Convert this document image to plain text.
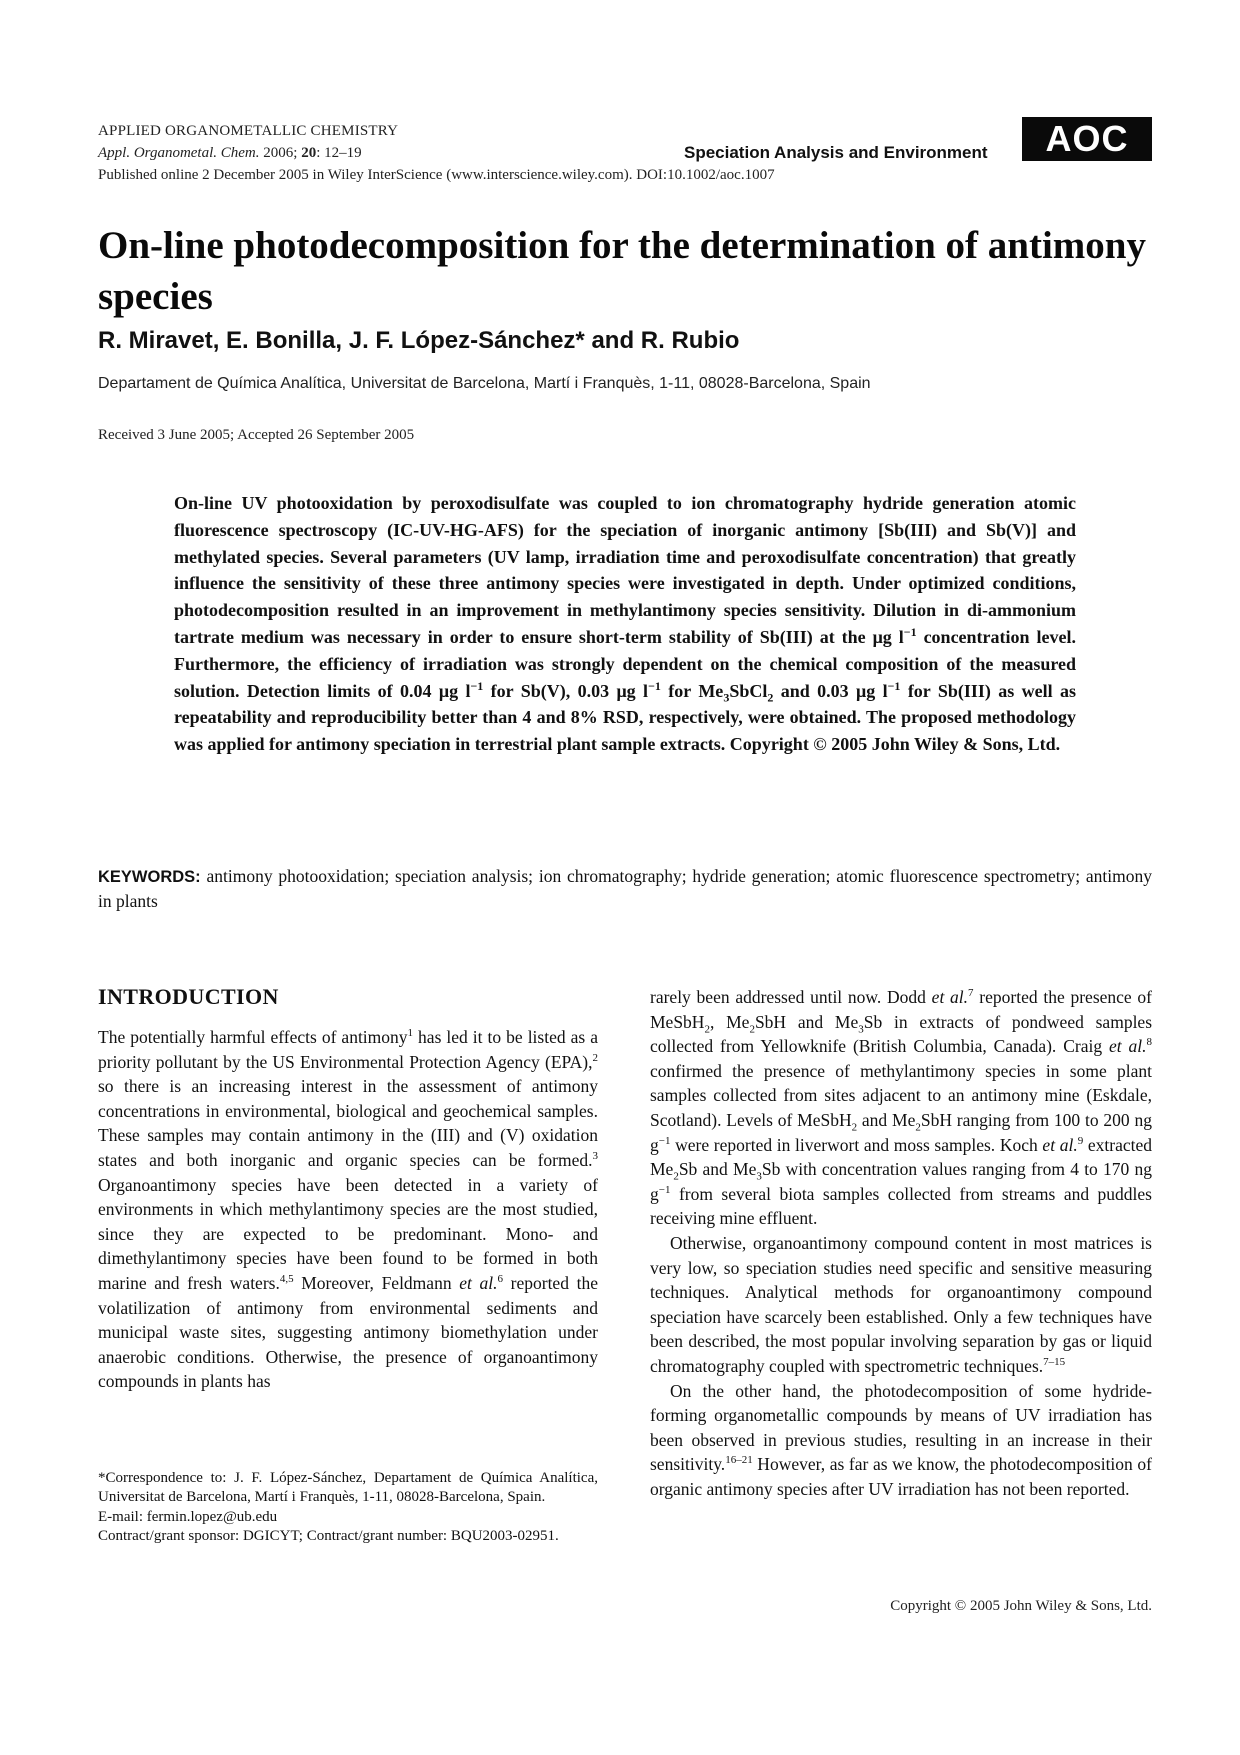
APPLIED ORGANOMETALLIC CHEMISTRY
Appl. Organometal. Chem. 2006; 20: 12–19
Published online 2 December 2005 in Wiley InterScience (www.interscience.wiley.com). DOI:10.1002/aoc.1007
Speciation Analysis and Environment	AOC
On-line photodecomposition for the determination of antimony species
R. Miravet, E. Bonilla, J. F. López-Sánchez* and R. Rubio
Departament de Química Analítica, Universitat de Barcelona, Martí i Franquès, 1-11, 08028-Barcelona, Spain
Received 3 June 2005; Accepted 26 September 2005
On-line UV photooxidation by peroxodisulfate was coupled to ion chromatography hydride generation atomic fluorescence spectroscopy (IC-UV-HG-AFS) for the speciation of inorganic antimony [Sb(III) and Sb(V)] and methylated species. Several parameters (UV lamp, irradiation time and peroxodisulfate concentration) that greatly influence the sensitivity of these three antimony species were investigated in depth. Under optimized conditions, photodecomposition resulted in an improvement in methylantimony species sensitivity. Dilution in di-ammonium tartrate medium was necessary in order to ensure short-term stability of Sb(III) at the μg $l^{-1}$ concentration level. Furthermore, the efficiency of irradiation was strongly dependent on the chemical composition of the measured solution. Detection limits of 0.04 μg $l^{-1}$ for Sb(V), 0.03 μg $l^{-1}$ for $Me_3SbCl_2$ and 0.03 μg $l^{-1}$ for Sb(III) as well as repeatability and reproducibility better than 4 and 8% RSD, respectively, were obtained. The proposed methodology was applied for antimony speciation in terrestrial plant sample extracts. Copyright © 2005 John Wiley & Sons, Ltd.
KEYWORDS: antimony photooxidation; speciation analysis; ion chromatography; hydride generation; atomic fluorescence spectrometry; antimony in plants
INTRODUCTION

The potentially harmful effects of antimony$^1$ has led it to be listed as a priority pollutant by the US Environmental Protection Agency (EPA),$^2$ so there is an increasing interest in the assessment of antimony concentrations in environmental, biological and geochemical samples. These samples may contain antimony in the (III) and (V) oxidation states and both inorganic and organic species can be formed.$^3$ Organoantimony species have been detected in a variety of environments in which methylantimony species are the most studied, since they are expected to be predominant. Mono- and dimethylantimony species have been found to be formed in both marine and fresh waters.$^{4,5}$ Moreover, Feldmann et al.$^6$ reported the volatilization of antimony from environmental sediments and municipal waste sites, suggesting antimony biomethylation under anaerobic conditions. Otherwise, the presence of organoantimony compounds in plants has

*Correspondence to: J. F. López-Sánchez, Departament de Química Analítica, Universitat de Barcelona, Martí i Franquès, 1-11, 08028-Barcelona, Spain.

E-mail: fermin.lopez@ub.edu

Contract/grant sponsor: DGICYT; Contract/grant number: BQU2003-02951.

rarely been addressed until now. Dodd et al.$^7$ reported the presence of MeSbH$_2$, $Me_2SbH$ and $Me_3Sb$ in extracts of pondweed samples collected from Yellowknife (British Columbia, Canada). Craig et al.$^8$ confirmed the presence of methylantimony species in some plant samples collected from sites adjacent to an antimony mine (Eskdale, Scotland). Levels of MeSbH$_2$ and $Me_2SbH$ ranging from 100 to 200 ng $g^{-1}$ were reported in liverwort and moss samples. Koch et al.$^9$ extracted $Me_2Sb$ and $Me_3Sb$ with concentration values ranging from 4 to 170 ng $g^{-1}$ from several biota samples collected from streams and puddles receiving mine effluent.

Otherwise, organoantimony compound content in most matrices is very low, so speciation studies need specific and sensitive measuring techniques. Analytical methods for organoantimony compound speciation have scarcely been established. Only a few techniques have been described, the most popular involving separation by gas or liquid chromatography coupled with spectrometric techniques.$^{7-15}$

On the other hand, the photodecomposition of some hydride-forming organometallic compounds by means of UV irradiation has been observed in previous studies, resulting in an increase in their sensitivity.$^{16-21}$ However, as far as we know, the photodecomposition of organic antimony species after UV irradiation has not been reported.

Copyright © 2005 John Wiley & Sons, Ltd.
